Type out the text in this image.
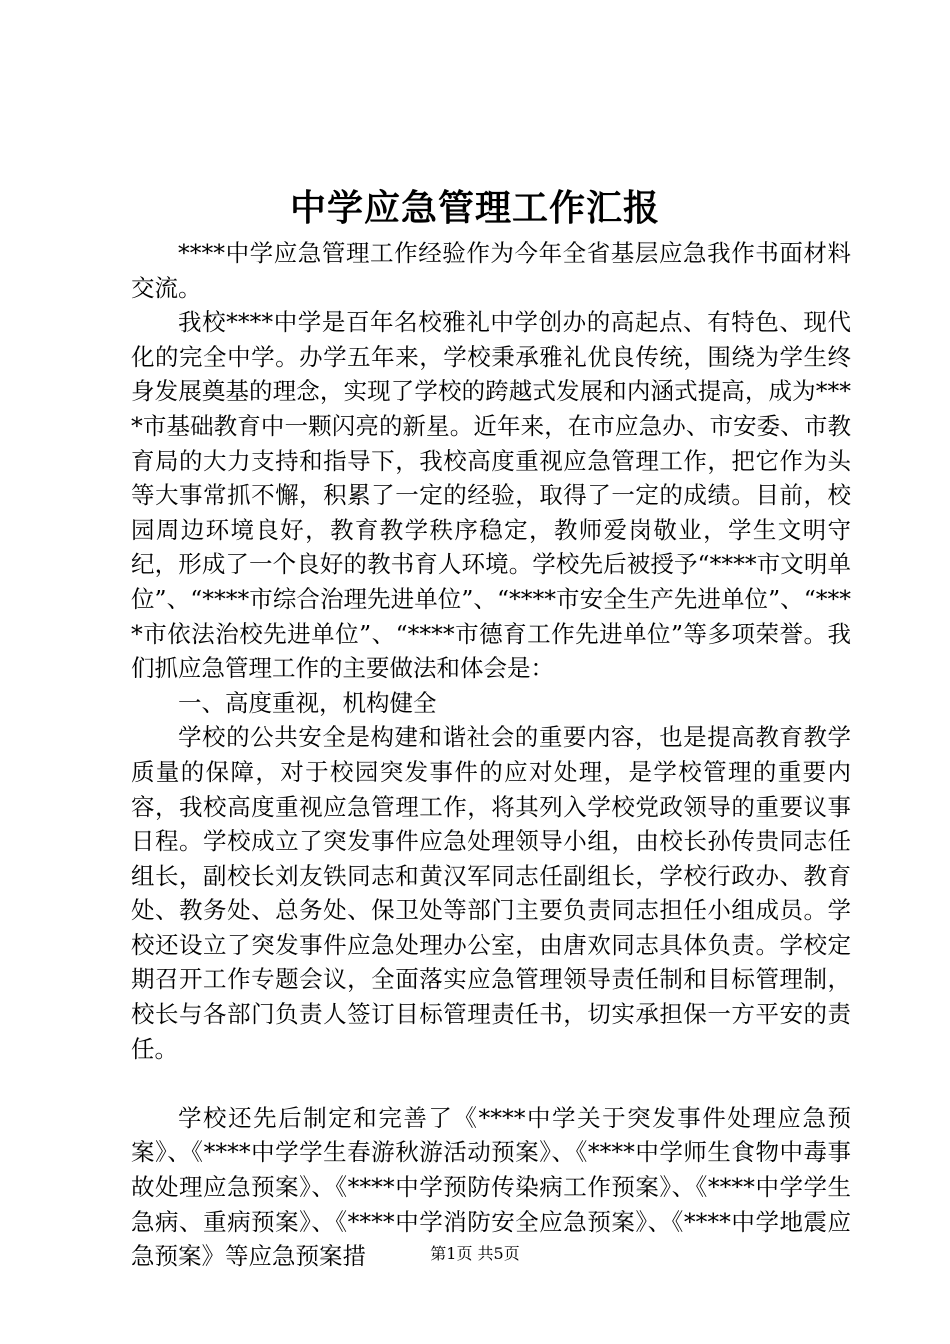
中学应急管理工作汇报

****中学应急管理工作经验作为今年全省基层应急我作书面材料交流。

我校****中学是百年名校雅礼中学创办的高起点、有特色、现代化的完全中学。办学五年来，学校秉承雅礼优良传统，围绕为学生终身发展奠基的理念，实现了学校的跨越式发展和内涵式提高，成为****市基础教育中一颗闪亮的新星。近年来，在市应急办、市安委、市教育局的大力支持和指导下，我校高度重视应急管理工作，把它作为头等大事常抓不懈，积累了一定的经验，取得了一定的成绩。目前，校园周边环境良好，教育教学秩序稳定，教师爱岗敬业，学生文明守纪，形成了一个良好的教书育人环境。学校先后被授予“****市文明单位”、“****市综合治理先进单位”、“****市安全生产先进单位”、“****市依法治校先进单位”、“****市德育工作先进单位”等多项荣誉。我们抓应急管理工作的主要做法和体会是：

一、高度重视，机构健全

学校的公共安全是构建和谐社会的重要内容，也是提高教育教学质量的保障，对于校园突发事件的应对处理，是学校管理的重要内容，我校高度重视应急管理工作，将其列入学校党政领导的重要议事日程。学校成立了突发事件应急处理领导小组，由校长孙传贵同志任组长，副校长刘友铁同志和黄汉军同志任副组长，学校行政办、教育处、教务处、总务处、保卫处等部门主要负责同志担任小组成员。学校还设立了突发事件应急处理办公室，由唐欢同志具体负责。学校定期召开工作专题会议，全面落实应急管理领导责任制和目标管理制，校长与各部门负责人签订目标管理责任书，切实承担保一方平安的责任。

学校还先后制定和完善了《****中学关于突发事件处理应急预案》、《****中学学生春游秋游活动预案》、《****中学师生食物中毒事故处理应急预案》、《****中学预防传染病工作预案》、《****中学学生急病、重病预案》、《****中学消防安全应急预案》、《****中学地震应急预案》等应急预案措	第1页 共5页
